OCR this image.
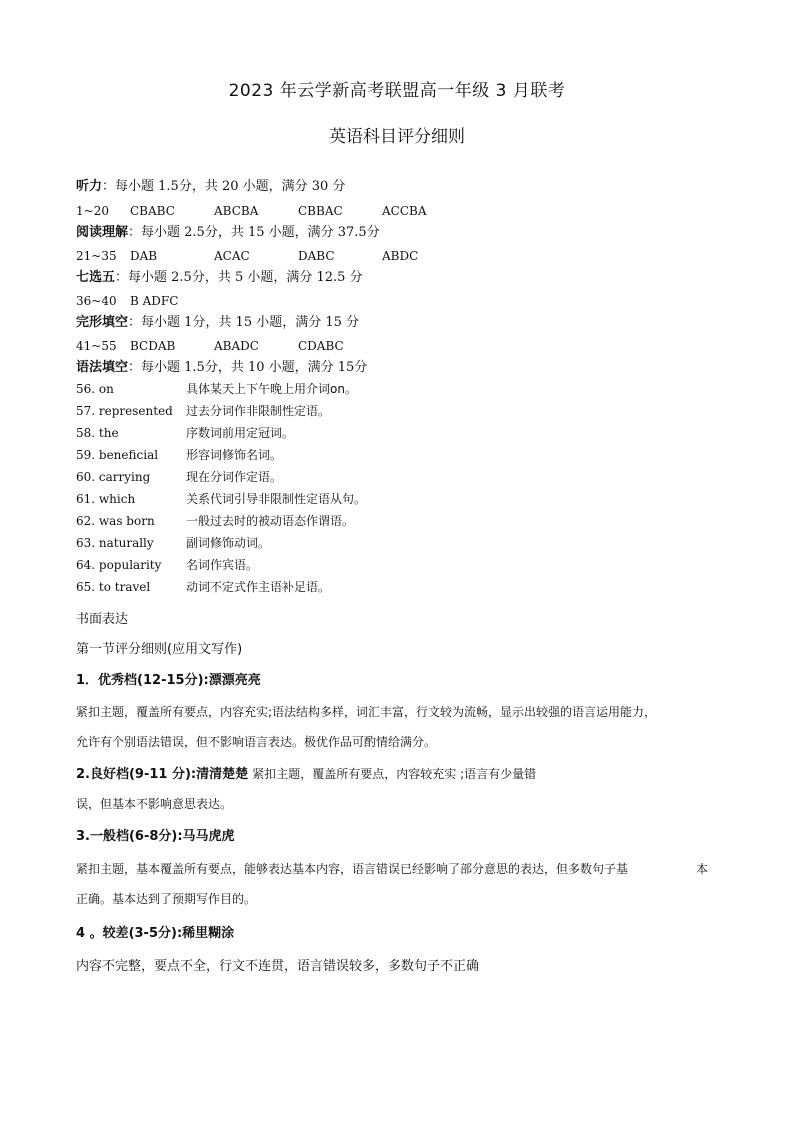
2023 年云学新高考联盟高一年级 3 月联考
英语科目评分细则
听力：每小题 1.5分，共 20 小题，满分 30 分
1~20 CBABC	ABCBA	CBBAC	ACCBA
阅读理解：每小题 2.5分，共 15 小题，满分 37.5分
21~35 DAB	ACAC	DABC	ABDC
七选五：每小题 2.5分，共 5 小题，满分 12.5 分
36~40 B ADFC
完形填空：每小题 1分，共 15 小题，满分 15 分
41~55 BCDAB	ABADC	CDABC
语法填空：每小题 1.5分，共 10 小题，满分 15分
56. on	具体某天上下午晚上用介词on。
57. represented 过去分词作非限制性定语。
58. the	序数词前用定冠词。
59. beneficial 形容词修饰名词。
60. carrying	现在分词作定语。
61. which	关系代词引导非限制性定语从句。
62. was born	一般过去时的被动语态作谓语。
63. naturally	副词修饰动词。
64. popularity 名词作宾语。
65. to travel	动词不定式作主语补足语。
书面表达
第一节评分细则(应用文写作)
1．优秀档(12-15分):漂漂亮亮
紧扣主题，覆盖所有要点，内容充实;语法结构多样，词汇丰富，行文较为流畅，显示出较强的语言运用能力，
允许有个别语法错误，但不影响语言表达。极优作品可酌情给满分。
2.良好档(9-11 分):清清楚楚 紧扣主题，覆盖所有要点，内容较充实 ;语言有少量错
误，但基本不影响意思表达。
3.一般档(6-8分):马马虎虎
紧扣主题，基本覆盖所有要点，能够表达基本内容，语言错误已经影响了部分意思的表达，但多数句子基	本
正确。基本达到了预期写作目的。
4 。较差(3-5分):稀里糊涂
内容不完整，要点不全，行文不连贯，语言错误较多，多数句子不正确
